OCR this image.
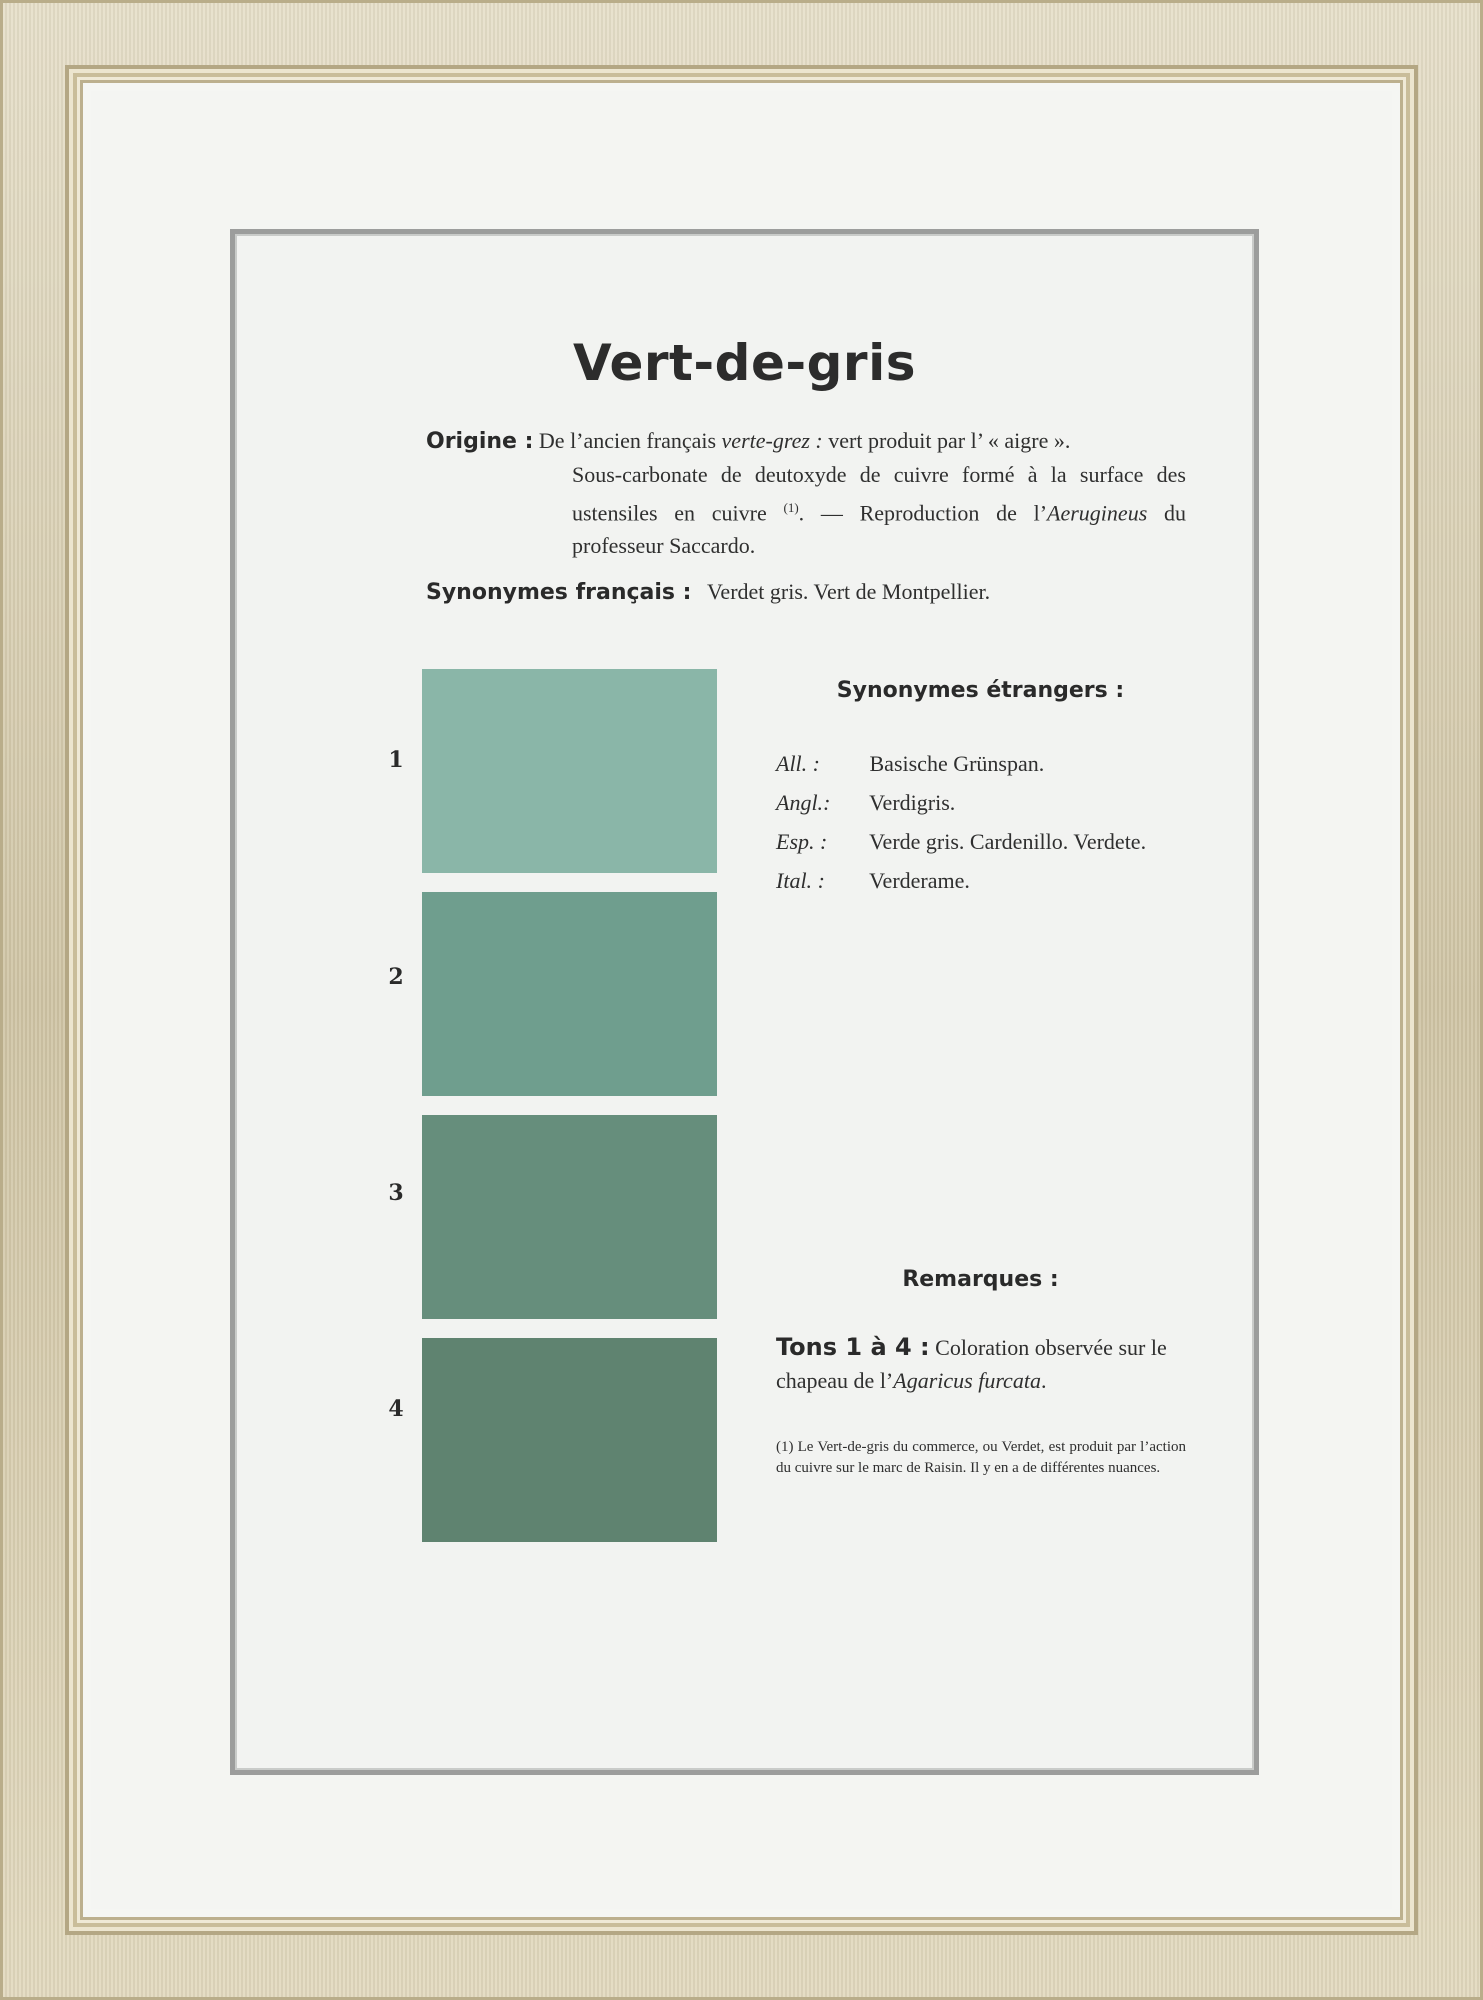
Vert-de-gris
Origine : De l’ancien français verte-grez : vert produit par l’ « aigre ».
Sous-carbonate de deutoxyde de cuivre formé à la surface des ustensiles en cuivre $^{(1)}$. — Reproduction de l’Aerugineus du professeur Saccardo.
Synonymes français : Verdet gris. Vert de Montpellier.
1
2
3
4
Synonymes étrangers :
All. : Basische Grünspan.
Angl.: Verdigris.
Esp. : Verde gris. Cardenillo. Verdete.
Ital. : Verderame.
Remarques :
Tons 1 à 4 : Coloration observée sur le chapeau de l’Agaricus furcata.
(1) Le Vert-de-gris du commerce, ou Verdet, est produit par l’action du cuivre sur le marc de Raisin. Il y en a de différentes nuances.
